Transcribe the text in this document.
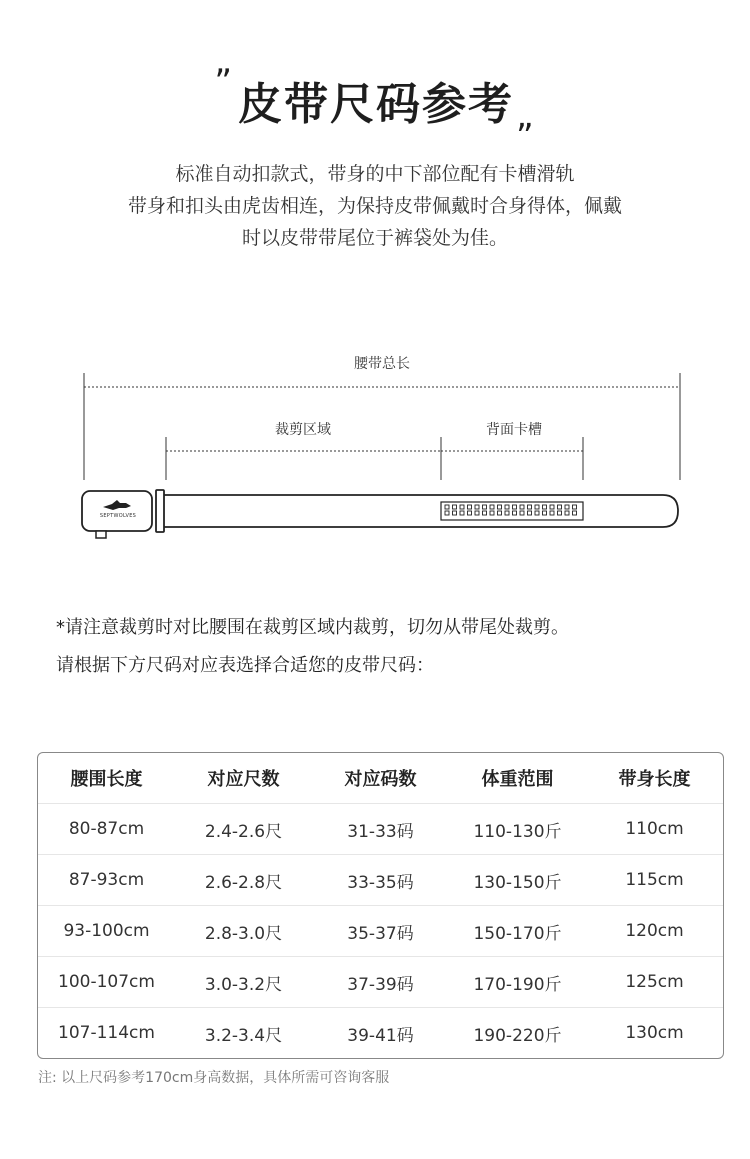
”皮带尺码参考„
标准自动扣款式，带身的中下部位配有卡槽滑轨
带身和扣头由虎齿相连，为保持皮带佩戴时合身得体，佩戴
时以皮带带尾位于裤袋处为佳。
腰带总长
裁剪区域	背面卡槽
SEPTWOLVES
*请注意裁剪时对比腰围在裁剪区域内裁剪，切勿从带尾处裁剪。
请根据下方尺码对应表选择合适您的皮带尺码：
腰围长度	对应尺数	对应码数	体重范围	带身长度
80-87cm	2.4-2.6尺	31-33码	110-130斤	110cm
87-93cm	2.6-2.8尺	33-35码	130-150斤	115cm
93-100cm	2.8-3.0尺	35-37码	150-170斤	120cm
100-107cm	3.0-3.2尺	37-39码	170-190斤	125cm
107-114cm	3.2-3.4尺	39-41码	190-220斤	130cm
注: 以上尺码参考170cm身高数据，具体所需可咨询客服
